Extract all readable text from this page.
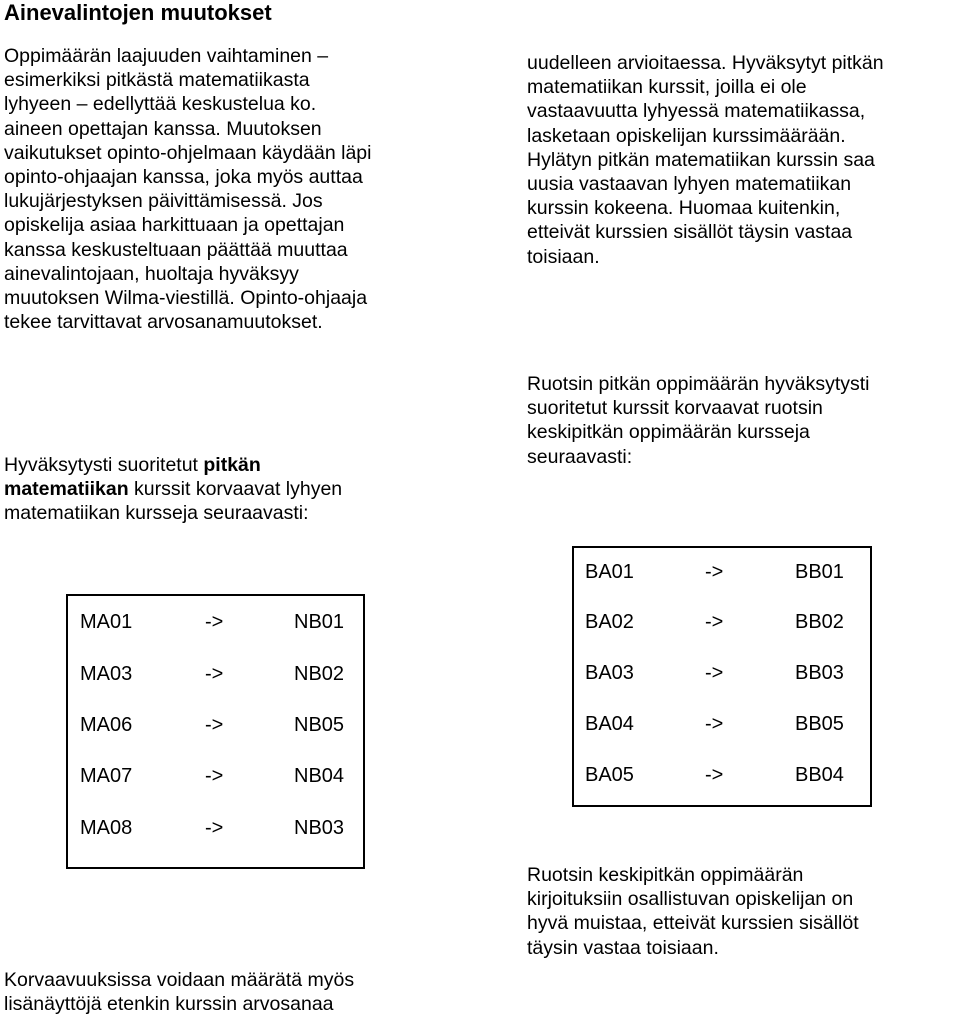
Ainevalintojen muutokset
Oppimäärän laajuuden vaihtaminen –
esimerkiksi pitkästä matematiikasta
lyhyeen – edellyttää keskustelua ko.
aineen opettajan kanssa. Muutoksen
vaikutukset opinto-ohjelmaan käydään läpi
opinto-ohjaajan kanssa, joka myös auttaa
lukujärjestyksen päivittämisessä. Jos
opiskelija asiaa harkittuaan ja opettajan
kanssa keskusteltuaan päättää muuttaa
ainevalintojaan, huoltaja hyväksyy
muutoksen Wilma-viestillä. Opinto-ohjaaja
tekee tarvittavat arvosanamuutokset.
Hyväksytysti suoritetut pitkän
matematiikan kurssit korvaavat lyhyen
matematiikan kursseja seuraavasti:
MA01	->	NB01
MA03	->	NB02
MA06	->	NB05
MA07	->	NB04
MA08	->	NB03
Korvaavuuksissa voidaan määrätä myös
lisänäyttöjä etenkin kurssin arvosanaa
uudelleen arvioitaessa. Hyväksytyt pitkän
matematiikan kurssit, joilla ei ole
vastaavuutta lyhyessä matematiikassa,
lasketaan opiskelijan kurssimäärään.
Hylätyn pitkän matematiikan kurssin saa
uusia vastaavan lyhyen matematiikan
kurssin kokeena. Huomaa kuitenkin,
etteivät kurssien sisällöt täysin vastaa
toisiaan.
Ruotsin pitkän oppimäärän hyväksytysti
suoritetut kurssit korvaavat ruotsin
keskipitkän oppimäärän kursseja
seuraavasti:
BA01	->	BB01
BA02	->	BB02
BA03	->	BB03
BA04	->	BB05
BA05	->	BB04
Ruotsin keskipitkän oppimäärän
kirjoituksiin osallistuvan opiskelijan on
hyvä muistaa, etteivät kurssien sisällöt
täysin vastaa toisiaan.
